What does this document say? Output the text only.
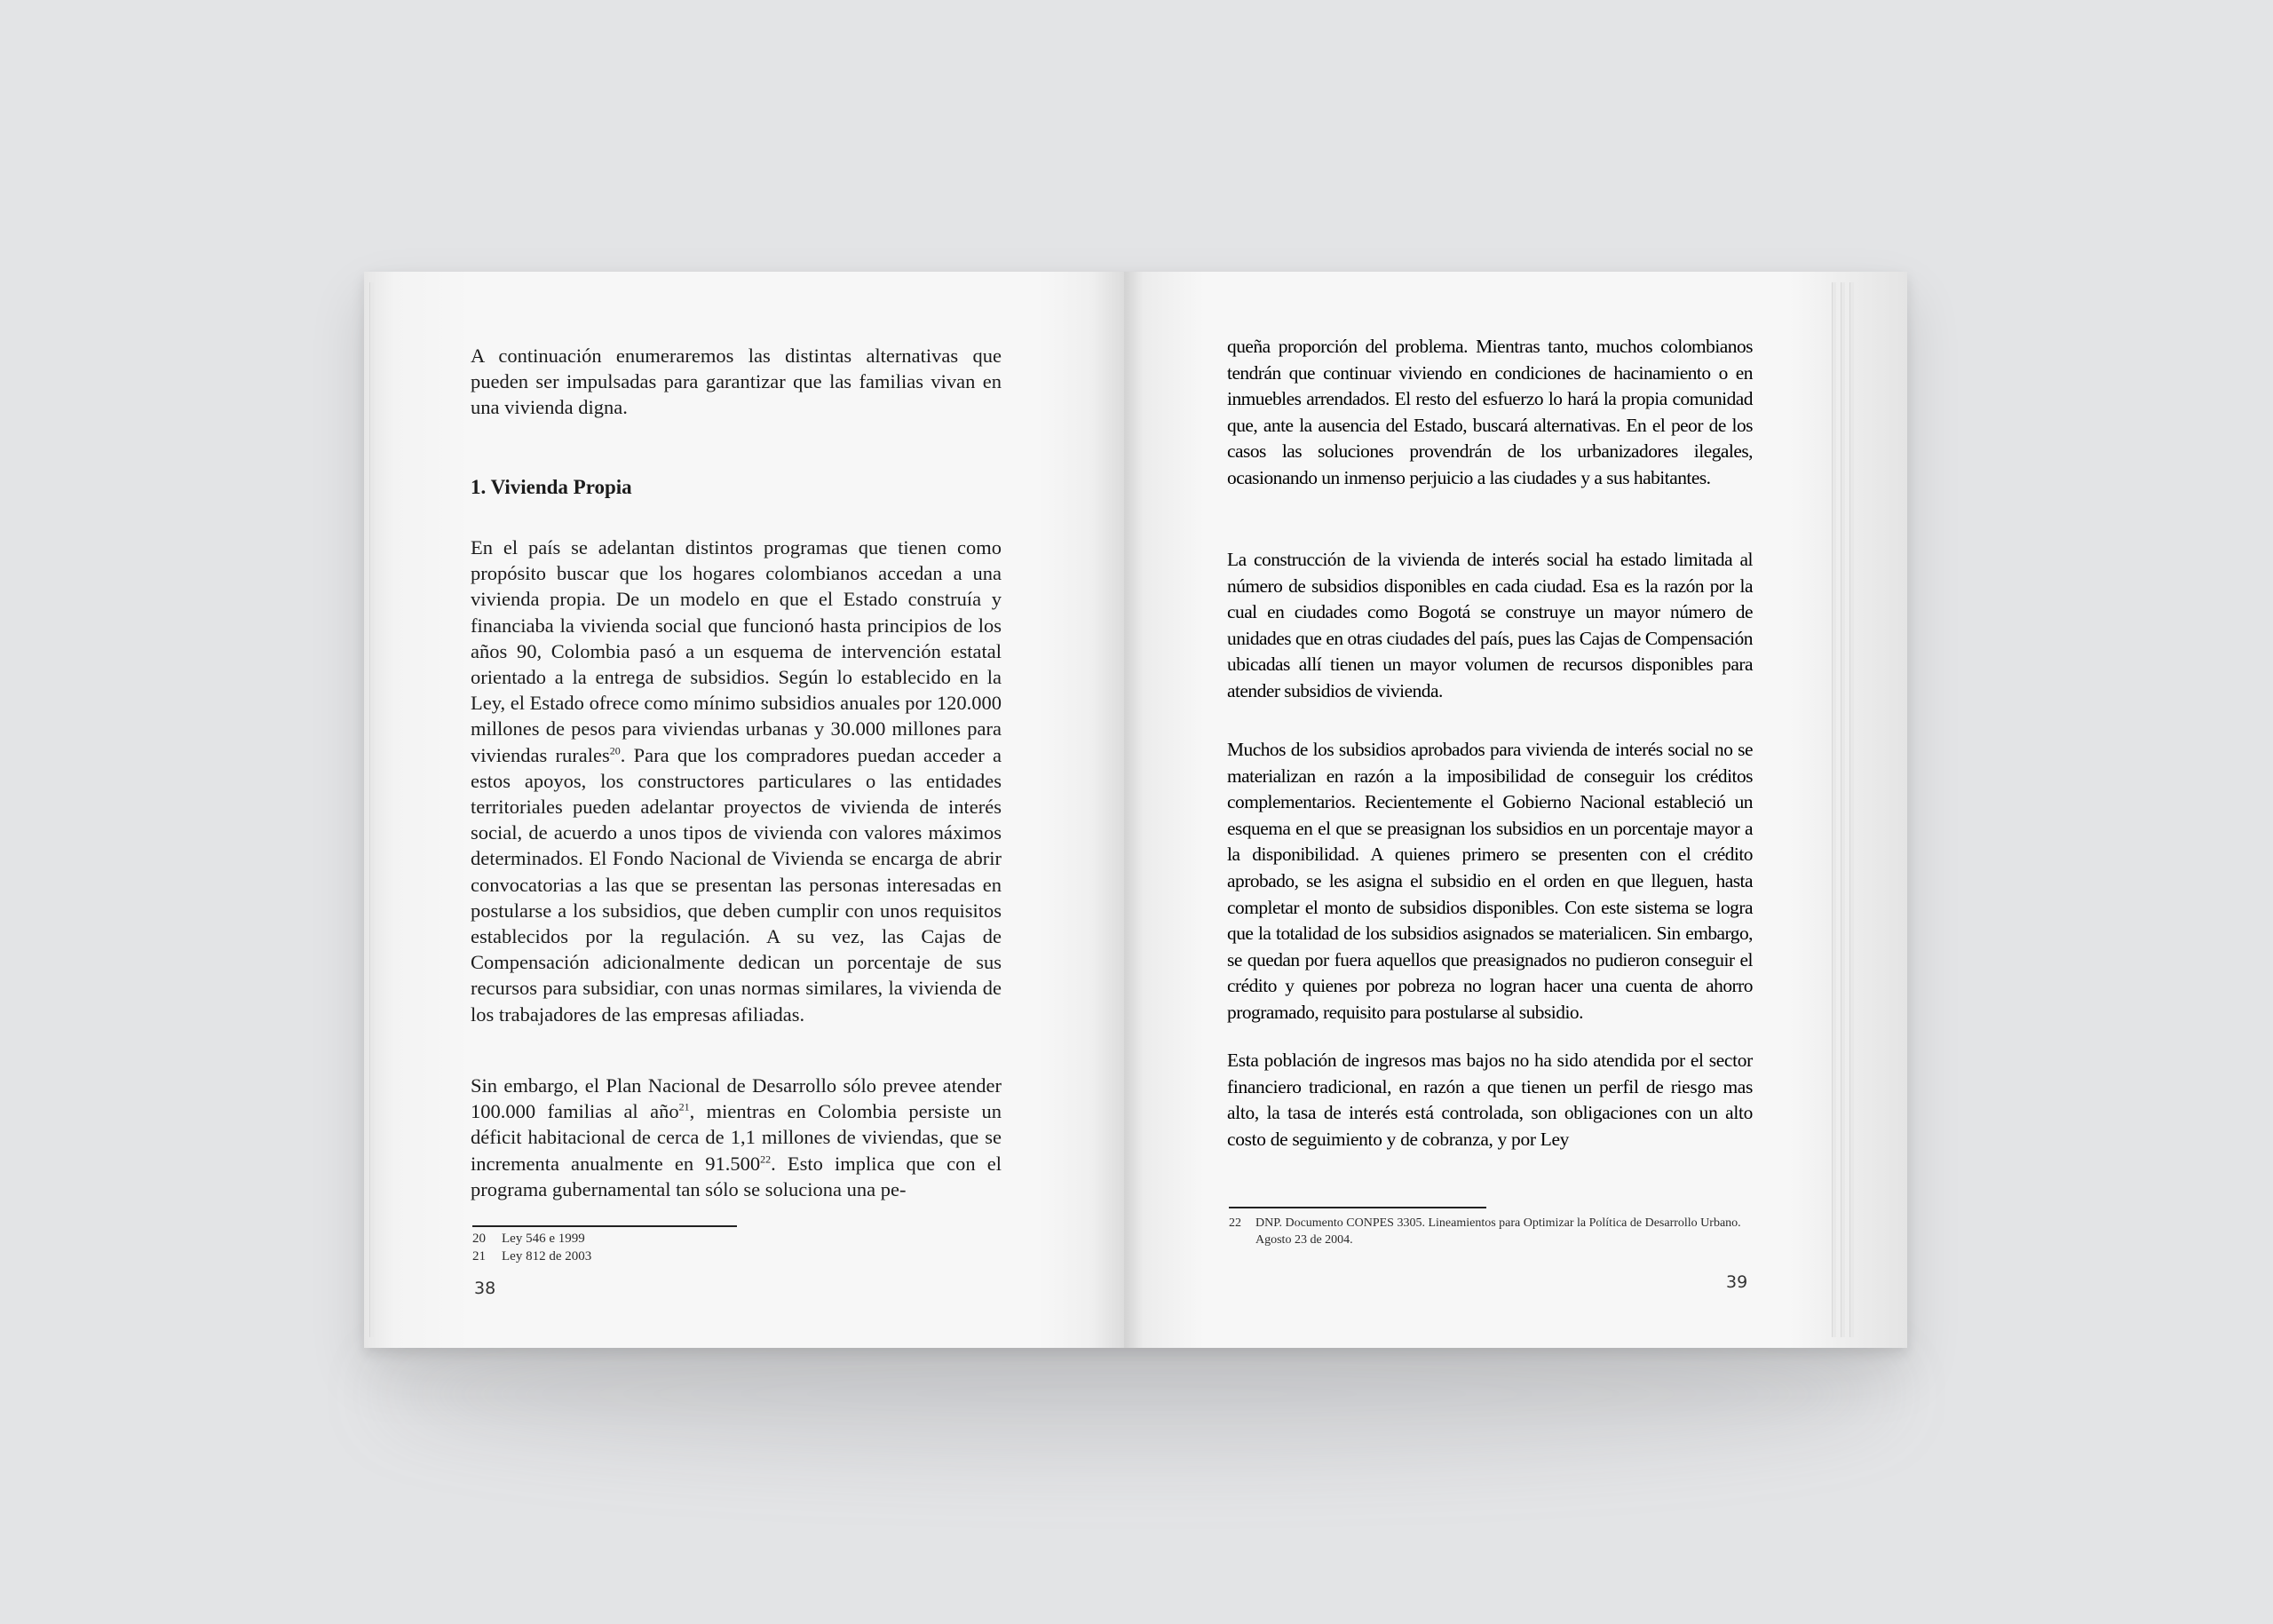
A continuación enumeraremos las distintas alternativas que pueden ser impulsadas para garantizar que las familias vivan en una vivienda digna.

1. Vivienda Propia

En el país se adelantan distintos programas que tienen como propósito buscar que los hogares colombianos accedan a una vivienda propia. De un modelo en que el Estado construía y financiaba la vivienda social que funcionó hasta principios de los años 90, Colombia pasó a un esquema de intervención estatal orientado a la entrega de subsidios. Según lo establecido en la Ley, el Estado ofrece como mínimo subsidios anuales por 120.000 millones de pesos para viviendas urbanas y 30.000 millones para viviendas rurales$^{20}$. Para que los compradores puedan acceder a estos apoyos, los constructores particulares o las entidades territoriales pueden adelantar proyectos de vivienda de interés social, de acuerdo a unos tipos de vivienda con valores máximos determinados. El Fondo Nacional de Vivienda se encarga de abrir convocatorias a las que se presentan las personas interesadas en postularse a los subsidios, que deben cumplir con unos requisitos establecidos por la regulación. A su vez, las Cajas de Compensación adicionalmente dedican un porcentaje de sus recursos para subsidiar, con unas normas similares, la vivienda de los trabajadores de las empresas afiliadas.

Sin embargo, el Plan Nacional de Desarrollo sólo prevee atender 100.000 familias al año$^{21}$, mientras en Colombia persiste un déficit habitacional de cerca de 1,1 millones de viviendas, que se incrementa anualmente en 91.500$^{22}$. Esto implica que con el programa gubernamental tan sólo se soluciona una pe-

20 Ley 546 e 1999
21 Ley 812 de 2003
38

queña proporción del problema. Mientras tanto, muchos colombianos tendrán que continuar viviendo en condiciones de hacinamiento o en inmuebles arrendados. El resto del esfuerzo lo hará la propia comunidad que, ante la ausencia del Estado, buscará alternativas. En el peor de los casos las soluciones provendrán de los urbanizadores ilegales, ocasionando un inmenso perjuicio a las ciudades y a sus habitantes.

La construcción de la vivienda de interés social ha estado limitada al número de subsidios disponibles en cada ciudad. Esa es la razón por la cual en ciudades como Bogotá se construye un mayor número de unidades que en otras ciudades del país, pues las Cajas de Compensación ubicadas allí tienen un mayor volumen de recursos disponibles para atender subsidios de vivienda.

Muchos de los subsidios aprobados para vivienda de interés social no se materializan en razón a la imposibilidad de conseguir los créditos complementarios. Recientemente el Gobierno Nacional estableció un esquema en el que se preasignan los subsidios en un porcentaje mayor a la disponibilidad. A quienes primero se presenten con el crédito aprobado, se les asigna el subsidio en el orden en que lleguen, hasta completar el monto de subsidios disponibles. Con este sistema se logra que la totalidad de los subsidios asignados se materialicen. Sin embargo, se quedan por fuera aquellos que preasignados no pudieron conseguir el crédito y quienes por pobreza no logran hacer una cuenta de ahorro programado, requisito para postularse al subsidio.

Esta población de ingresos mas bajos no ha sido atendida por el sector financiero tradicional, en razón a que tienen un perfil de riesgo mas alto, la tasa de interés está controlada, son obligaciones con un alto costo de seguimiento y de cobranza, y por Ley

22	DNP. Documento CONPES 3305. Lineamientos para Optimizar la Política de Desarrollo Urbano. Agosto 23 de 2004.
39
